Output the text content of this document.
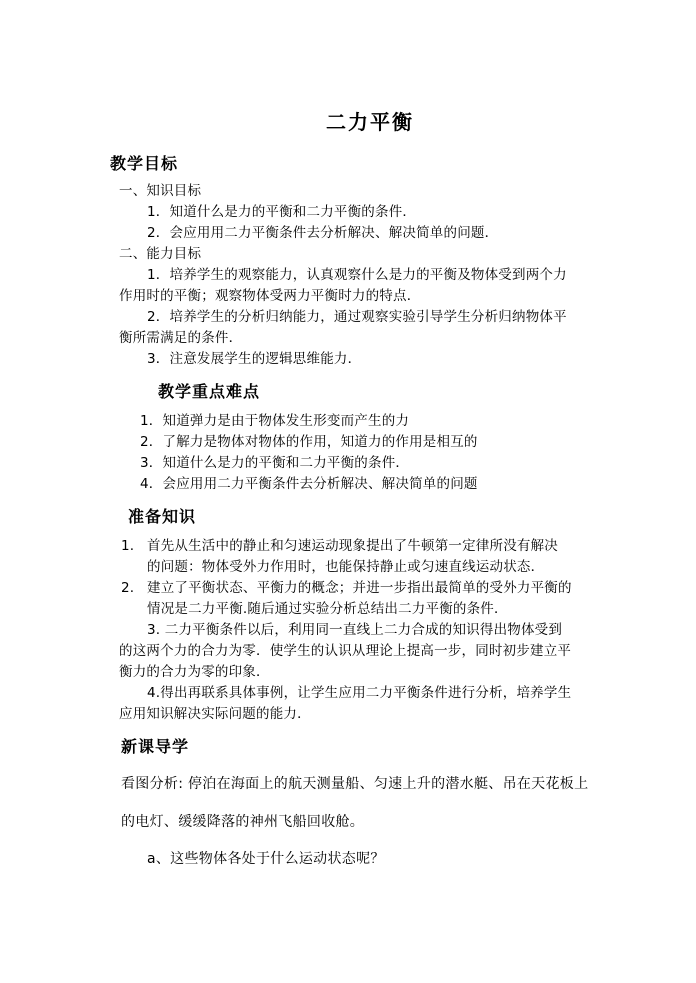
二力平衡
教学目标
一、知识目标
1．知道什么是力的平衡和二力平衡的条件．
2．会应用用二力平衡条件去分析解决、解决简单的问题．
二、能力目标
1．培养学生的观察能力，认真观察什么是力的平衡及物体受到两个力
作用时的平衡；观察物体受两力平衡时力的特点．
2．培养学生的分析归纳能力，通过观察实验引导学生分析归纳物体平
衡所需满足的条件．
3．注意发展学生的逻辑思维能力．
教学重点难点
1．知道弹力是由于物体发生形变而产生的力
2．了解力是物体对物体的作用，知道力的作用是相互的
3．知道什么是力的平衡和二力平衡的条件．
4．会应用用二力平衡条件去分析解决、解决简单的问题
准备知识
1. 首先从生活中的静止和匀速运动现象提出了牛顿第一定律所没有解决
的问题：物体受外力作用时，也能保持静止或匀速直线运动状态．
2. 建立了平衡状态、平衡力的概念；并进一步指出最简单的受外力平衡的
情况是二力平衡.随后通过实验分析总结出二力平衡的条件．
3. 二力平衡条件以后，利用同一直线上二力合成的知识得出物体受到
的这两个力的合力为零．使学生的认识从理论上提高一步，同时初步建立平
衡力的合力为零的印象．
4.得出再联系具体事例，让学生应用二力平衡条件进行分析，培养学生
应用知识解决实际问题的能力．
新课导学
看图分析: 停泊在海面上的航天测量船、匀速上升的潜水艇、吊在天花板上
的电灯、缓缓降落的神州飞船回收舱。
a、这些物体各处于什么运动状态呢？
